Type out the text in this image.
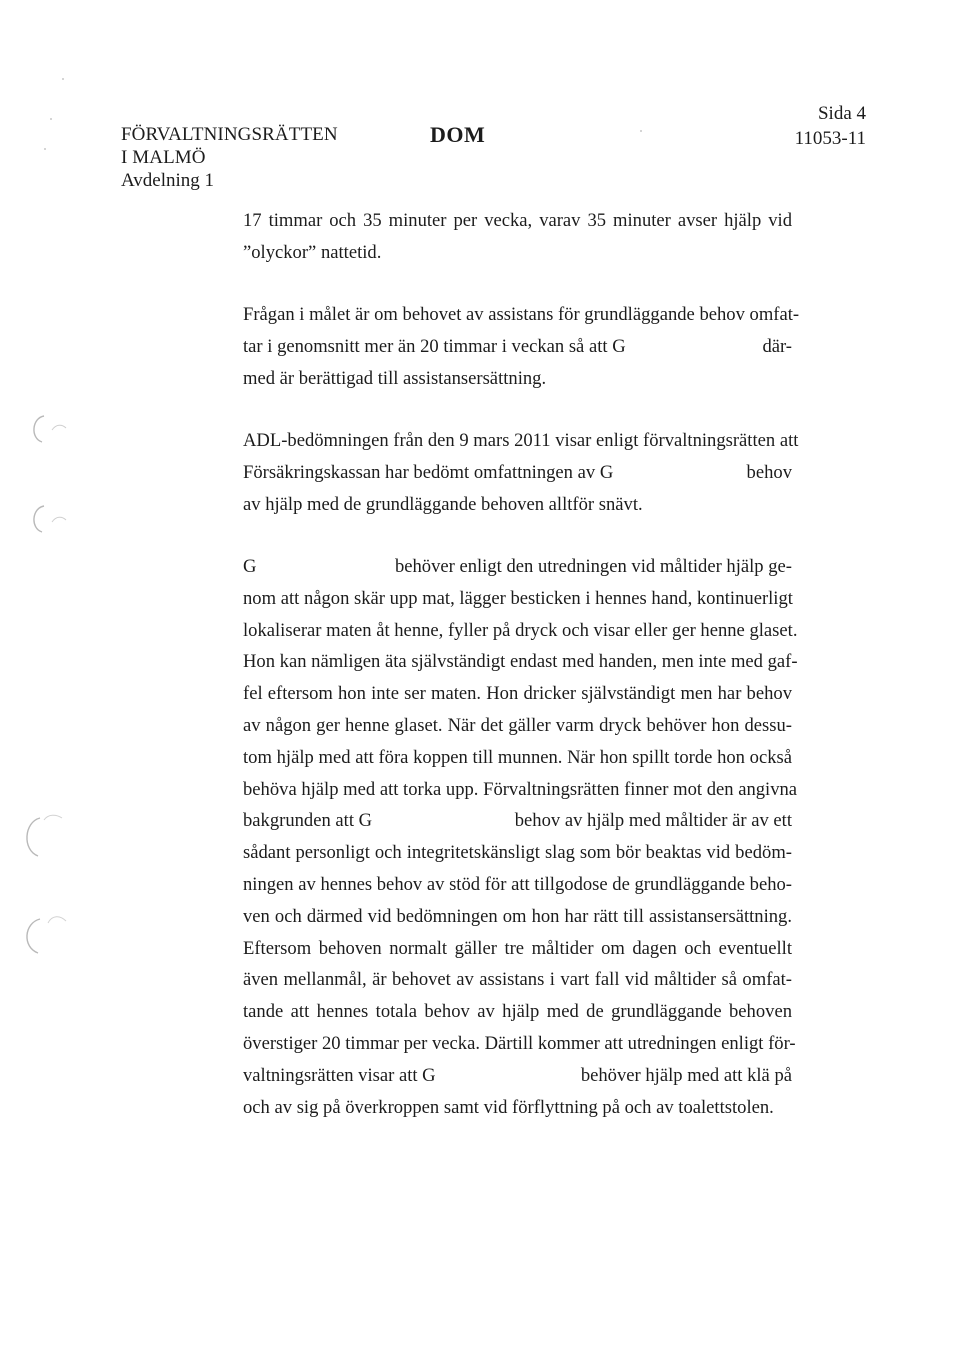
FÖRVALTNINGSRÄTTEN
I MALMÖ
Avdelning 1
DOM
Sida 4
11053-11
17 timmar och 35 minuter per vecka, varav 35 minuter avser hjälp vid
”olyckor” nattetid.
Frågan i målet är om behovet av assistans för grundläggande behov omfat-
tar i genomsnitt mer än 20 timmar i veckan så att G	där-
med är berättigad till assistansersättning.
ADL-bedömningen från den 9 mars 2011 visar enligt förvaltningsrätten att
Försäkringskassan har bedömt omfattningen av G	behov
av hjälp med de grundläggande behoven alltför snävt.
G	behöver enligt den utredningen vid måltider hjälp ge-
nom att någon skär upp mat, lägger besticken i hennes hand, kontinuerligt
lokaliserar maten åt henne, fyller på dryck och visar eller ger henne glaset.
Hon kan nämligen äta självständigt endast med handen, men inte med gaf-
fel eftersom hon inte ser maten. Hon dricker självständigt men har behov
av någon ger henne glaset. När det gäller varm dryck behöver hon dessu-
tom hjälp med att föra koppen till munnen. När hon spillt torde hon också
behöva hjälp med att torka upp. Förvaltningsrätten finner mot den angivna
bakgrunden att G	behov av hjälp med måltider är av ett
sådant personligt och integritetskänsligt slag som bör beaktas vid bedöm-
ningen av hennes behov av stöd för att tillgodose de grundläggande beho-
ven och därmed vid bedömningen om hon har rätt till assistansersättning.
Eftersom behoven normalt gäller tre måltider om dagen och eventuellt
även mellanmål, är behovet av assistans i vart fall vid måltider så omfat-
tande att hennes totala behov av hjälp med de grundläggande behoven
överstiger 20 timmar per vecka. Därtill kommer att utredningen enligt för-
valtningsrätten visar att G	behöver hjälp med att klä på
och av sig på överkroppen samt vid förflyttning på och av toalettstolen.
